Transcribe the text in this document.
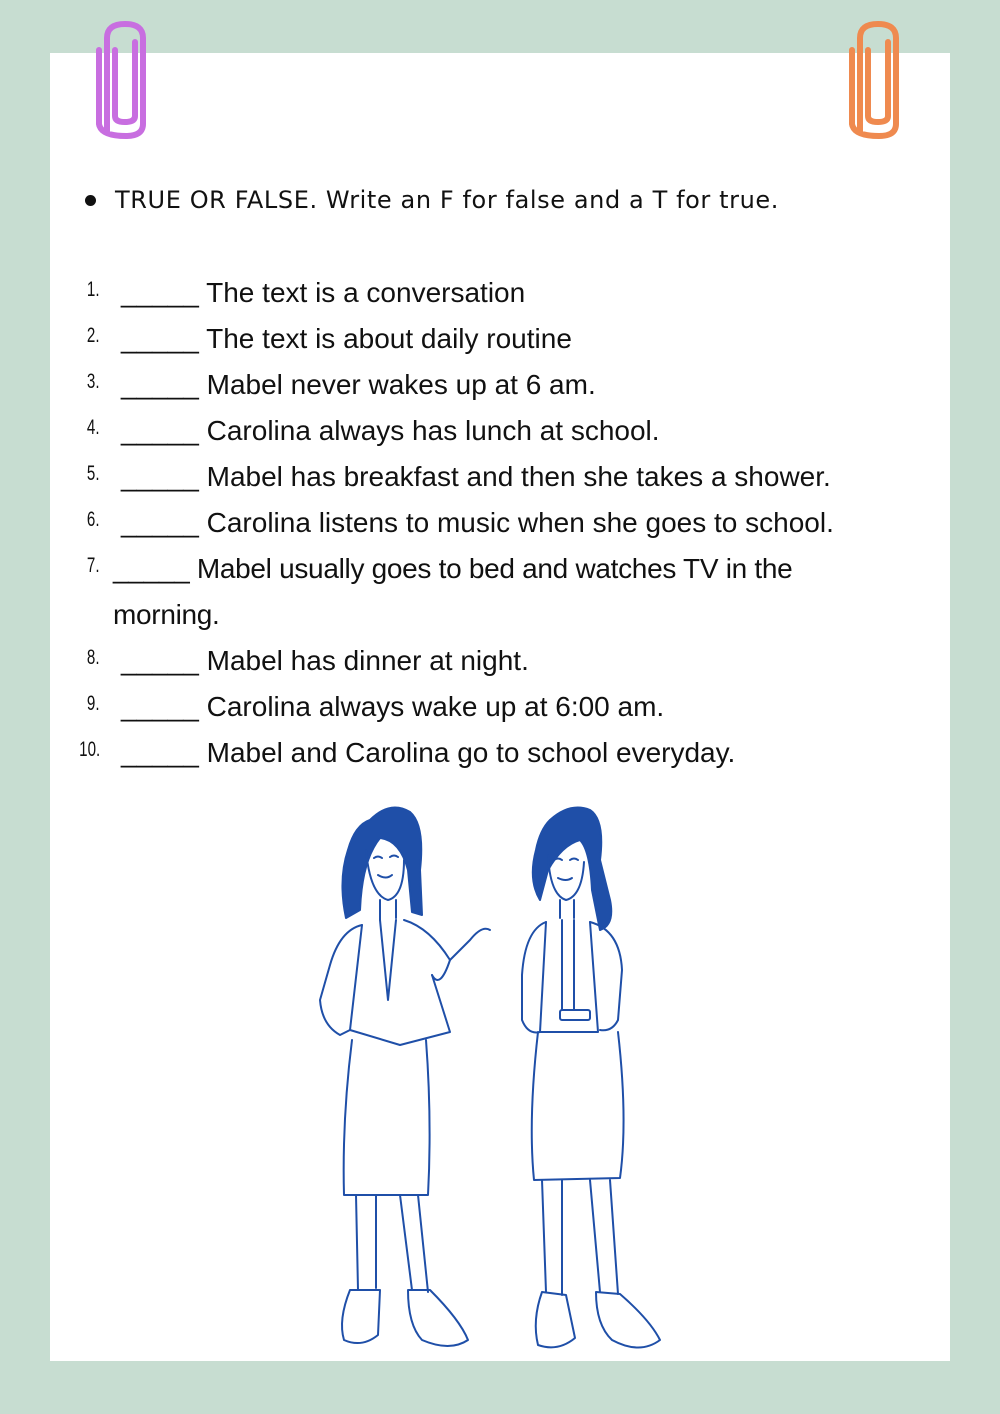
TRUE OR FALSE. Write an F for false and a T for true.
1. _____ The text is a conversation
2. _____ The text is about daily routine
3. _____ Mabel never wakes up at 6 am.
4. _____ Carolina always has lunch at school.
5. _____ Mabel has breakfast and then she takes a shower.
6. _____ Carolina listens to music when she goes to school.
7. _____ Mabel usually goes to bed and watches TV in the morning.
8. _____ Mabel has dinner at night.
9. _____ Carolina always wake up at 6:00 am.
10. _____ Mabel and Carolina go to school everyday.
